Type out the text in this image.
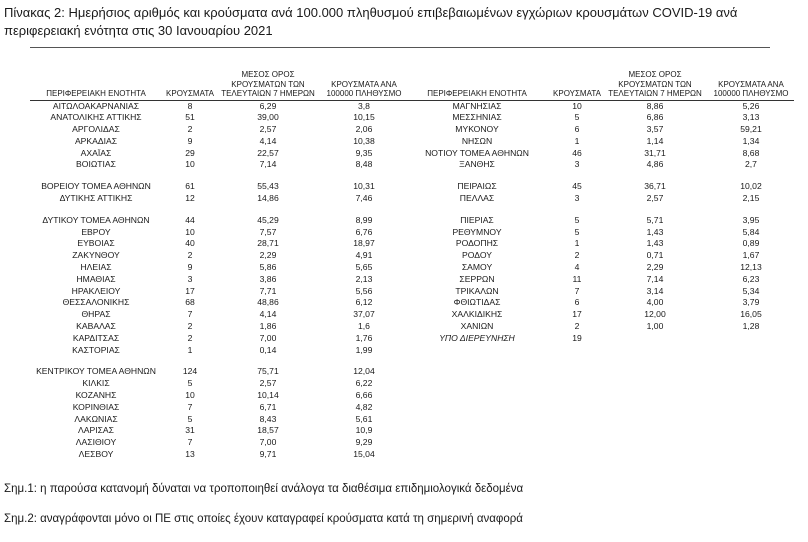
Πίνακας 2: Ημερήσιος αριθμός και κρούσματα ανά 100.000 πληθυσμού επιβεβαιωμένων εγχώριων κρουσμάτων COVID-19 ανά περιφερειακή ενότητα στις 30 Ιανουαρίου 2021
ΠΕΡΙΦΕΡΕΙΑΚΗ ΕΝΟΤΗΤΑ	ΚΡΟΥΣΜΑΤΑ	ΜΕΣΟΣ ΟΡΟΣ ΚΡΟΥΣΜΑΤΩΝ ΤΩΝ ΤΕΛΕΥΤΑΙΩΝ 7 ΗΜΕΡΩΝ	ΚΡΟΥΣΜΑΤΑ ΑΝΑ 100000 ΠΛΗΘΥΣΜΟ
ΑΙΤΩΛΟΑΚΑΡΝΑΝΙΑΣ	8	6,29	3,8
ΑΝΑΤΟΛΙΚΗΣ ΑΤΤΙΚΗΣ	51	39,00	10,15
ΑΡΓΟΛΙΔΑΣ	2	2,57	2,06
ΑΡΚΑΔΙΑΣ	9	4,14	10,38
ΑΧΑΪΑΣ	29	22,57	9,35
ΒΟΙΩΤΙΑΣ	10	7,14	8,48

ΒΟΡΕΙΟΥ ΤΟΜΕΑ ΑΘΗΝΩΝ	61	55,43	10,31
ΔΥΤΙΚΗΣ ΑΤΤΙΚΗΣ	12	14,86	7,46

ΔΥΤΙΚΟΥ ΤΟΜΕΑ ΑΘΗΝΩΝ	44	45,29	8,99
ΕΒΡΟΥ	10	7,57	6,76
ΕΥΒΟΙΑΣ	40	28,71	18,97
ΖΑΚΥΝΘΟΥ	2	2,29	4,91
ΗΛΕΙΑΣ	9	5,86	5,65
ΗΜΑΘΙΑΣ	3	3,86	2,13
ΗΡΑΚΛΕΙΟΥ	17	7,71	5,56
ΘΕΣΣΑΛΟΝΙΚΗΣ	68	48,86	6,12
ΘΗΡΑΣ	7	4,14	37,07
ΚΑΒΑΛΑΣ	2	1,86	1,6
ΚΑΡΔΙΤΣΑΣ	2	7,00	1,76
ΚΑΣΤΟΡΙΑΣ	1	0,14	1,99

ΚΕΝΤΡΙΚΟΥ ΤΟΜΕΑ ΑΘΗΝΩΝ	124	75,71	12,04
ΚΙΛΚΙΣ	5	2,57	6,22
ΚΟΖΑΝΗΣ	10	10,14	6,66
ΚΟΡΙΝΘΙΑΣ	7	6,71	4,82
ΛΑΚΩΝΙΑΣ	5	8,43	5,61
ΛΑΡΙΣΑΣ	31	18,57	10,9
ΛΑΣΙΘΙΟΥ	7	7,00	9,29
ΛΕΣΒΟΥ	13	9,71	15,04
ΠΕΡΙΦΕΡΕΙΑΚΗ ΕΝΟΤΗΤΑ	ΚΡΟΥΣΜΑΤΑ	ΜΕΣΟΣ ΟΡΟΣ ΚΡΟΥΣΜΑΤΩΝ ΤΩΝ ΤΕΛΕΥΤΑΙΩΝ 7 ΗΜΕΡΩΝ	ΚΡΟΥΣΜΑΤΑ ΑΝΑ 100000 ΠΛΗΘΥΣΜΟ
ΜΑΓΝΗΣΙΑΣ	10	8,86	5,26
ΜΕΣΣΗΝΙΑΣ	5	6,86	3,13
ΜΥΚΟΝΟΥ	6	3,57	59,21
ΝΗΣΩΝ	1	1,14	1,34
ΝΟΤΙΟΥ ΤΟΜΕΑ ΑΘΗΝΩΝ	46	31,71	8,68
ΞΑΝΘΗΣ	3	4,86	2,7

ΠΕΙΡΑΙΩΣ	45	36,71	10,02
ΠΕΛΛΑΣ	3	2,57	2,15

ΠΙΕΡΙΑΣ	5	5,71	3,95
ΡΕΘΥΜΝΟΥ	5	1,43	5,84
ΡΟΔΟΠΗΣ	1	1,43	0,89
ΡΟΔΟΥ	2	0,71	1,67
ΣΑΜΟΥ	4	2,29	12,13
ΣΕΡΡΩΝ	11	7,14	6,23
ΤΡΙΚΑΛΩΝ	7	3,14	5,34
ΦΘΙΩΤΙΔΑΣ	6	4,00	3,79
ΧΑΛΚΙΔΙΚΗΣ	17	12,00	16,05
ΧΑΝΙΩΝ	2	1,00	1,28
ΥΠΟ ΔΙΕΡΕΥΝΗΣΗ	19		
Σημ.1: η παρούσα κατανομή δύναται να τροποποιηθεί ανάλογα τα διαθέσιμα επιδημιολογικά δεδομένα
Σημ.2: αναγράφονται μόνο οι ΠΕ στις οποίες έχουν καταγραφεί κρούσματα κατά τη σημερινή αναφορά
